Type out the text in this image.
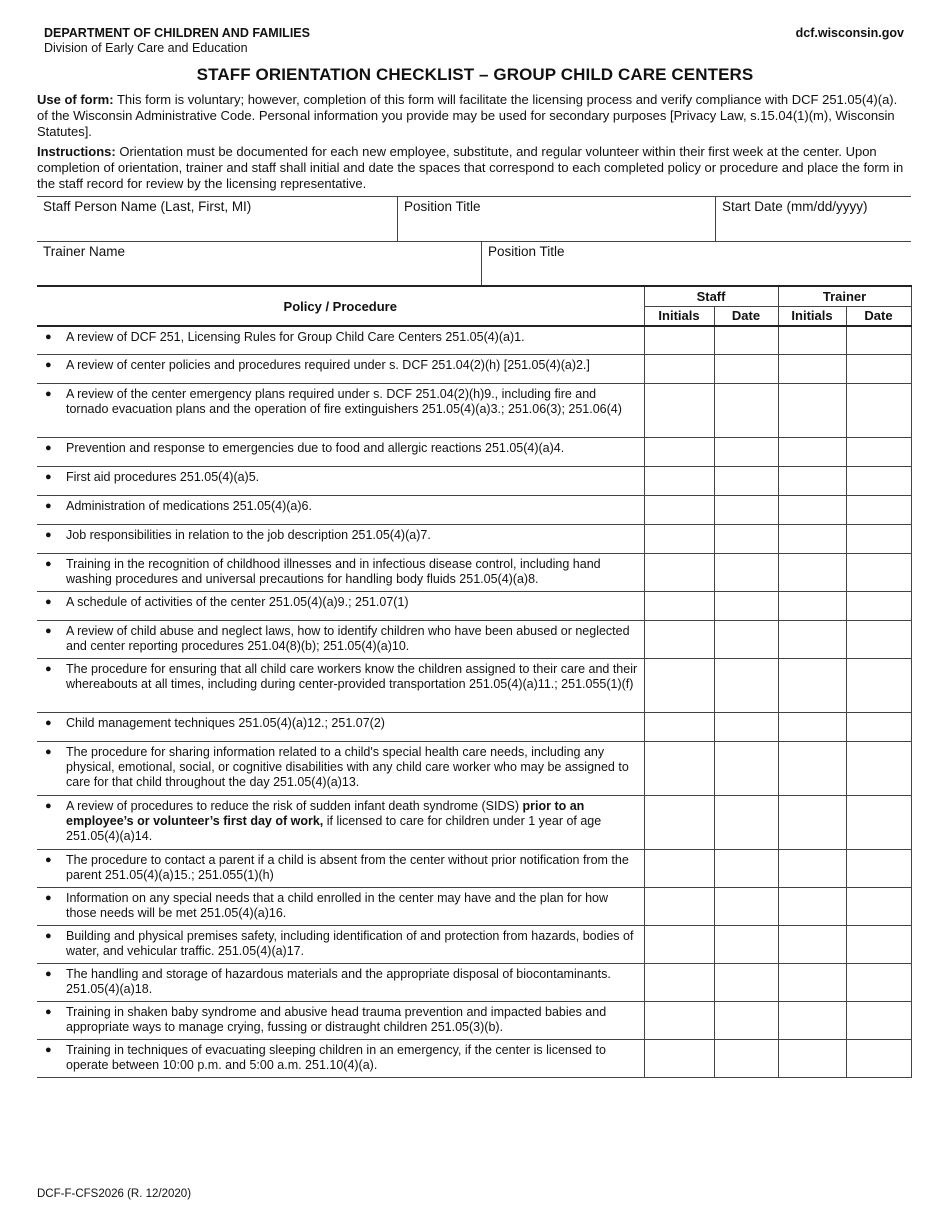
DEPARTMENT OF CHILDREN AND FAMILIES
Division of Early Care and Education
dcf.wisconsin.gov
STAFF ORIENTATION CHECKLIST – GROUP CHILD CARE CENTERS
Use of form: This form is voluntary; however, completion of this form will facilitate the licensing process and verify compliance with DCF 251.05(4)(a). of the Wisconsin Administrative Code. Personal information you provide may be used for secondary purposes [Privacy Law, s.15.04(1)(m), Wisconsin Statutes].
Instructions: Orientation must be documented for each new employee, substitute, and regular volunteer within their first week at the center. Upon completion of orientation, trainer and staff shall initial and date the spaces that correspond to each completed policy or procedure and place the form in the staff record for review by the licensing representative.
Staff Person Name (Last, First, MI)	Position Title	Start Date (mm/dd/yyyy)
Trainer Name	Position Title
Policy / Procedure	Staff		Trainer	
	Initials	Date	Initials	Date

● A review of DCF 251, Licensing Rules for Group Child Care Centers 251.05(4)(a)1.				

● A review of center policies and procedures required under s. DCF 251.04(2)(h) [251.05(4)(a)2.]				

● A review of the center emergency plans required under s. DCF 251.04(2)(h)9., including fire and tornado evacuation plans and the operation of fire extinguishers 251.05(4)(a)3.; 251.06(3); 251.06(4)				

● Prevention and response to emergencies due to food and allergic reactions 251.05(4)(a)4.				

● First aid procedures 251.05(4)(a)5.				

● Administration of medications 251.05(4)(a)6.				

● Job responsibilities in relation to the job description 251.05(4)(a)7.				

● Training in the recognition of childhood illnesses and in infectious disease control, including hand washing procedures and universal precautions for handling body fluids 251.05(4)(a)8.				

● A schedule of activities of the center 251.05(4)(a)9.; 251.07(1)				

● A review of child abuse and neglect laws, how to identify children who have been abused or neglected and center reporting procedures 251.04(8)(b); 251.05(4)(a)10.				

● The procedure for ensuring that all child care workers know the children assigned to their care and their whereabouts at all times, including during center-provided transportation 251.05(4)(a)11.; 251.055(1)(f)				

● Child management techniques 251.05(4)(a)12.; 251.07(2)				

● The procedure for sharing information related to a child's special health care needs, including any physical, emotional, social, or cognitive disabilities with any child care worker who may be assigned to care for that child throughout the day 251.05(4)(a)13.				

● A review of procedures to reduce the risk of sudden infant death syndrome (SIDS) prior to an employee’s or volunteer’s first day of work, if licensed to care for children under 1 year of age 251.05(4)(a)14.				

● The procedure to contact a parent if a child is absent from the center without prior notification from the parent 251.05(4)(a)15.; 251.055(1)(h)				

● Information on any special needs that a child enrolled in the center may have and the plan for how those needs will be met 251.05(4)(a)16.				

● Building and physical premises safety, including identification of and protection from hazards, bodies of water, and vehicular traffic. 251.05(4)(a)17.				

● The handling and storage of hazardous materials and the appropriate disposal of biocontaminants. 251.05(4)(a)18.				

● Training in shaken baby syndrome and abusive head trauma prevention and impacted babies and appropriate ways to manage crying, fussing or distraught children 251.05(3)(b).				

● Training in techniques of evacuating sleeping children in an emergency, if the center is licensed to operate between 10:00 p.m. and 5:00 a.m. 251.10(4)(a).				
DCF-F-CFS2026 (R. 12/2020)
